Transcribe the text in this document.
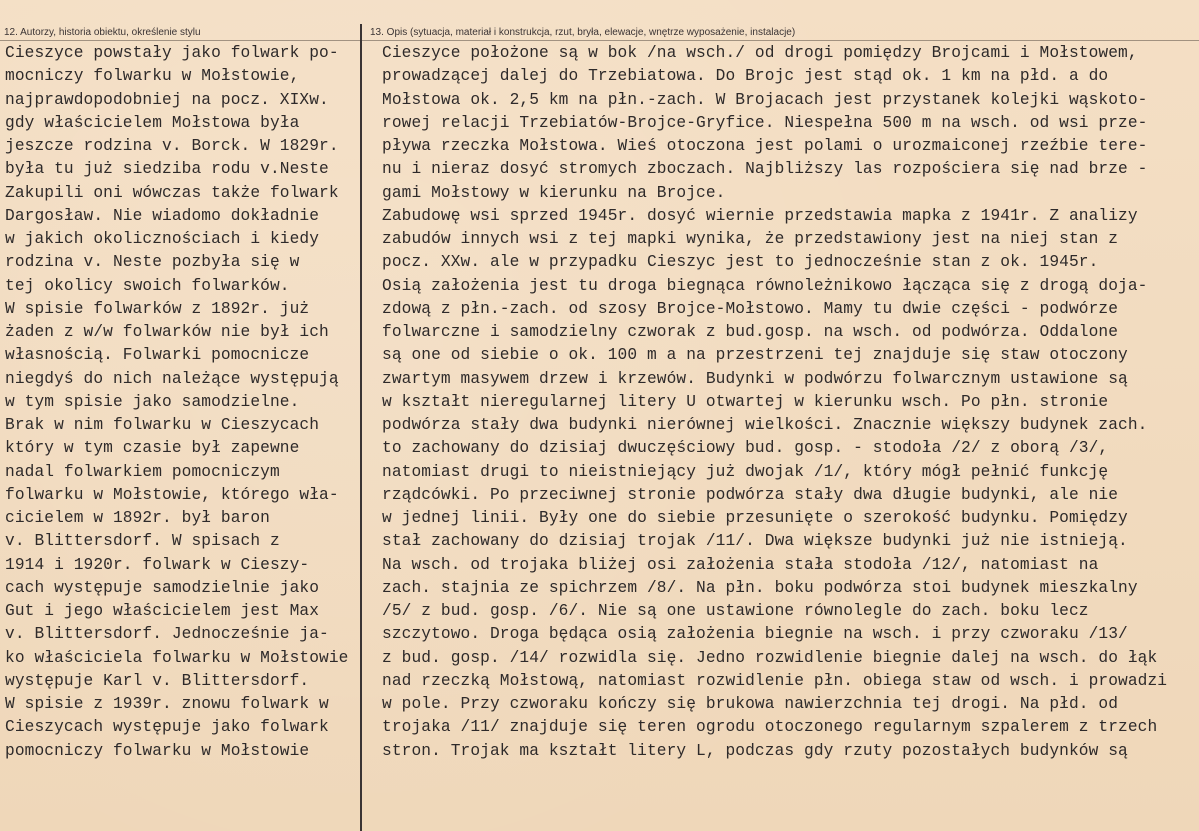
12. Autorzy, historia obiektu, określenie stylu	13. Opis (sytuacja, materiał i konstrukcja, rzut, bryła, elewacje, wnętrze wyposażenie, instalacje)
Cieszyce powstały jako folwark po-
mocniczy folwarku w Mołstowie,
najprawdopodobniej na pocz. XIXw.
gdy właścicielem Mołstowa była
jeszcze rodzina v. Borck. W 1829r.
była tu już siedziba rodu v.Neste
Zakupili oni wówczas także folwark
Dargosław. Nie wiadomo dokładnie
w jakich okolicznościach i kiedy
rodzina v. Neste pozbyła się w
tej okolicy swoich folwarków.
W spisie folwarków z 1892r. już
żaden z w/w folwarków nie był ich
własnością. Folwarki pomocnicze
niegdyś do nich należące występują
w tym spisie jako samodzielne.
Brak w nim folwarku w Cieszycach
który w tym czasie był zapewne
nadal folwarkiem pomocniczym
folwarku w Mołstowie, którego wła-
cicielem w 1892r. był baron
v. Blittersdorf. W spisach z
1914 i 1920r. folwark w Cieszy-
cach występuje samodzielnie jako
Gut i jego właścicielem jest Max
v. Blittersdorf. Jednocześnie ja-
ko właściciela folwarku w Mołstowie
występuje Karl v. Blittersdorf.
W spisie z 1939r. znowu folwark w
Cieszycach występuje jako folwark
pomocniczy folwarku w Mołstowie
Cieszyce położone są w bok /na wsch./ od drogi pomiędzy Brojcami i Mołstowem,
prowadzącej dalej do Trzebiatowa. Do Brojc jest stąd ok. 1 km na płd. a do
Mołstowa ok. 2,5 km na płn.-zach. W Brojacach jest przystanek kolejki wąskoto-
rowej relacji Trzebiatów-Brojce-Gryfice. Niespełna 500 m na wsch. od wsi prze-
pływa rzeczka Mołstowa. Wieś otoczona jest polami o urozmaiconej rzeźbie tere-
nu i nieraz dosyć stromych zboczach. Najbliższy las rozpościera się nad brze -
gami Mołstowy w kierunku na Brojce.
Zabudowę wsi sprzed 1945r. dosyć wiernie przedstawia mapka z 1941r. Z analizy
zabudów innych wsi z tej mapki wynika, że przedstawiony jest na niej stan z
pocz. XXw. ale w przypadku Cieszyc jest to jednocześnie stan z ok. 1945r.
Osią założenia jest tu droga biegnąca równoleżnikowo łącząca się z drogą doja-
zdową z płn.-zach. od szosy Brojce-Mołstowo. Mamy tu dwie części - podwórze
folwarczne i samodzielny czworak z bud.gosp. na wsch. od podwórza. Oddalone
są one od siebie o ok. 100 m a na przestrzeni tej znajduje się staw otoczony
zwartym masywem drzew i krzewów. Budynki w podwórzu folwarcznym ustawione są
w kształt nieregularnej litery U otwartej w kierunku wsch. Po płn. stronie
podwórza stały dwa budynki nierównej wielkości. Znacznie większy budynek zach.
to zachowany do dzisiaj dwuczęściowy bud. gosp. - stodoła /2/ z oborą /3/,
natomiast drugi to nieistniejący już dwojak /1/, który mógł pełnić funkcję
rządcówki. Po przeciwnej stronie podwórza stały dwa długie budynki, ale nie
w jednej linii. Były one do siebie przesunięte o szerokość budynku. Pomiędzy
stał zachowany do dzisiaj trojak /11/. Dwa większe budynki już nie istnieją.
Na wsch. od trojaka bliżej osi założenia stała stodoła /12/, natomiast na
zach. stajnia ze spichrzem /8/. Na płn. boku podwórza stoi budynek mieszkalny
/5/ z bud. gosp. /6/. Nie są one ustawione równolegle do zach. boku lecz
szczytowo. Droga będąca osią założenia biegnie na wsch. i przy czworaku /13/
z bud. gosp. /14/ rozwidla się. Jedno rozwidlenie biegnie dalej na wsch. do łąk
nad rzeczką Mołstową, natomiast rozwidlenie płn. obiega staw od wsch. i prowadzi
w pole. Przy czworaku kończy się brukowa nawierzchnia tej drogi. Na płd. od
trojaka /11/ znajduje się teren ogrodu otoczonego regularnym szpalerem z trzech
stron. Trojak ma kształt litery L, podczas gdy rzuty pozostałych budynków są
